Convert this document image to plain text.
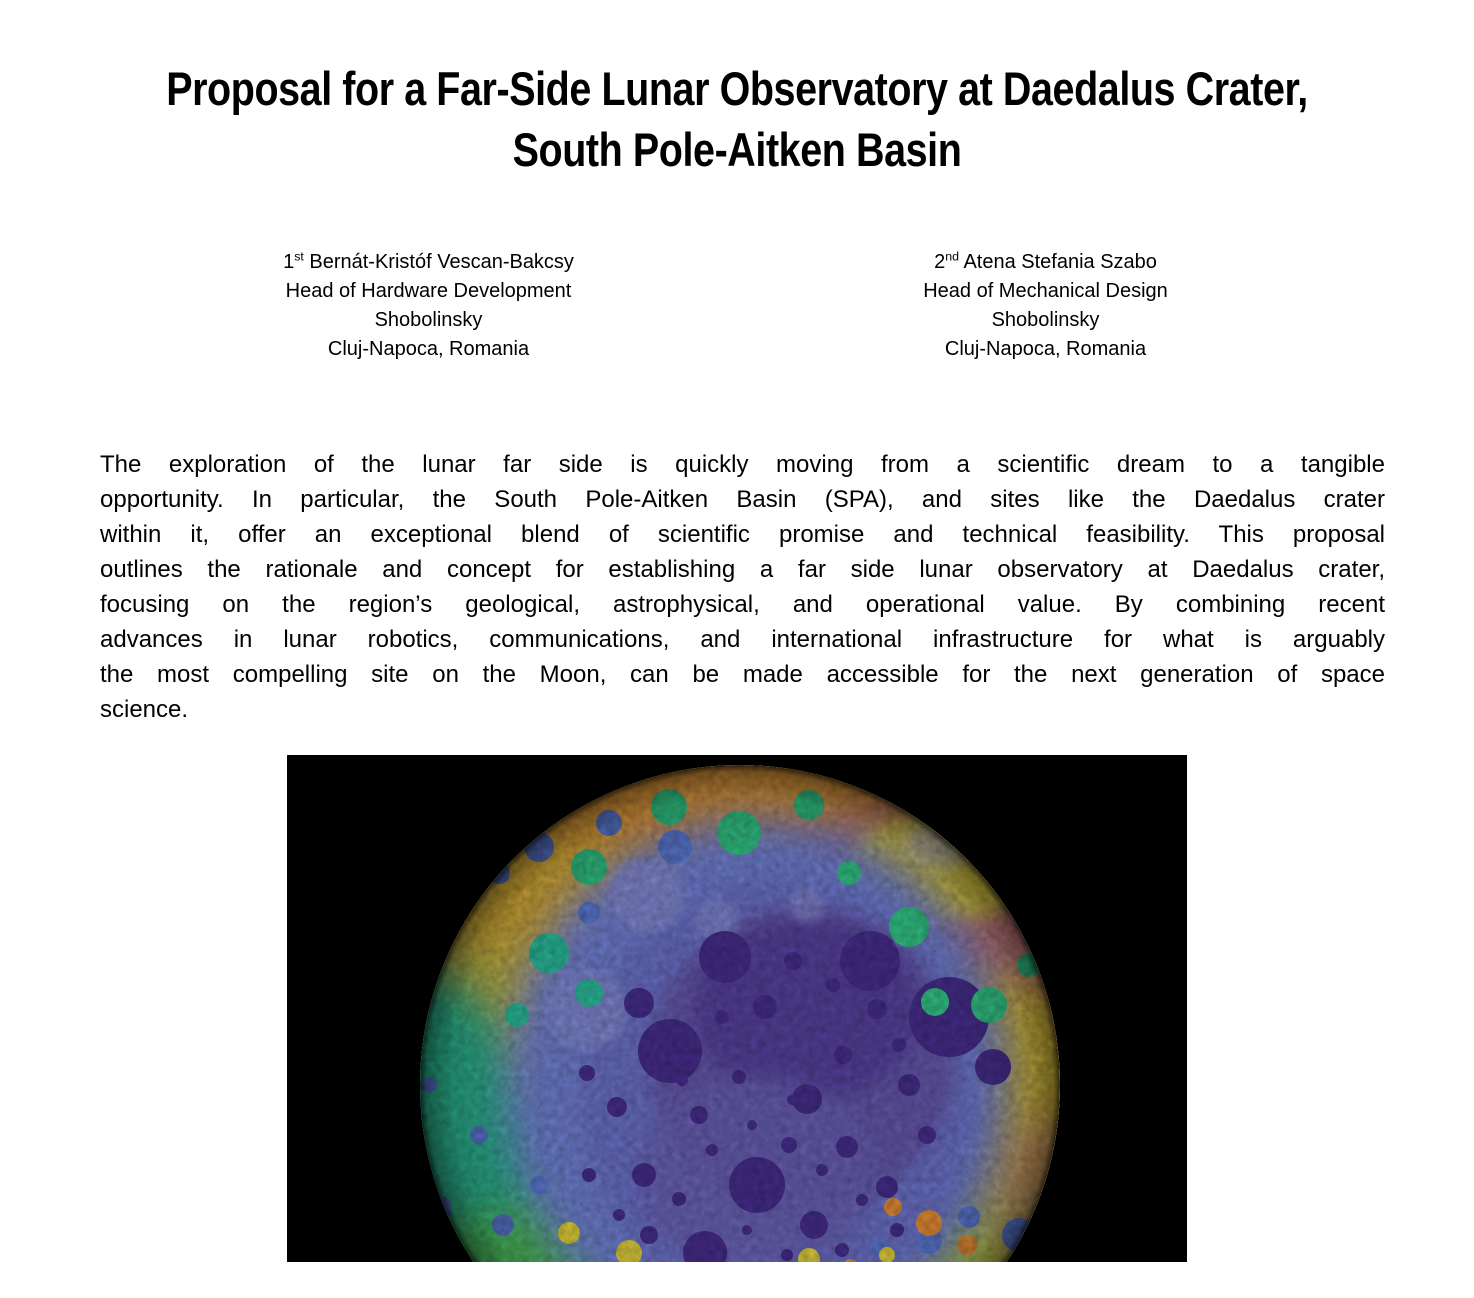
Proposal for a Far-Side Lunar Observatory at Daedalus Crater,
South Pole-Aitken Basin
1st Bernát-Kristóf Vescan-Bakcsy
Head of Hardware Development
Shobolinsky
Cluj-Napoca, Romania
2nd Atena Stefania Szabo
Head of Mechanical Design
Shobolinsky
Cluj-Napoca, Romania
The exploration of the lunar far side is quickly moving from a scientific dream to a tangible
opportunity. In particular, the South Pole-Aitken Basin (SPA), and sites like the Daedalus crater
within it, offer an exceptional blend of scientific promise and technical feasibility. This proposal
outlines the rationale and concept for establishing a far side lunar observatory at Daedalus crater,
focusing on the region’s geological, astrophysical, and operational value. By combining recent
advances in lunar robotics, communications, and international infrastructure for what is arguably
the most compelling site on the Moon, can be made accessible for the next generation of space
science.
